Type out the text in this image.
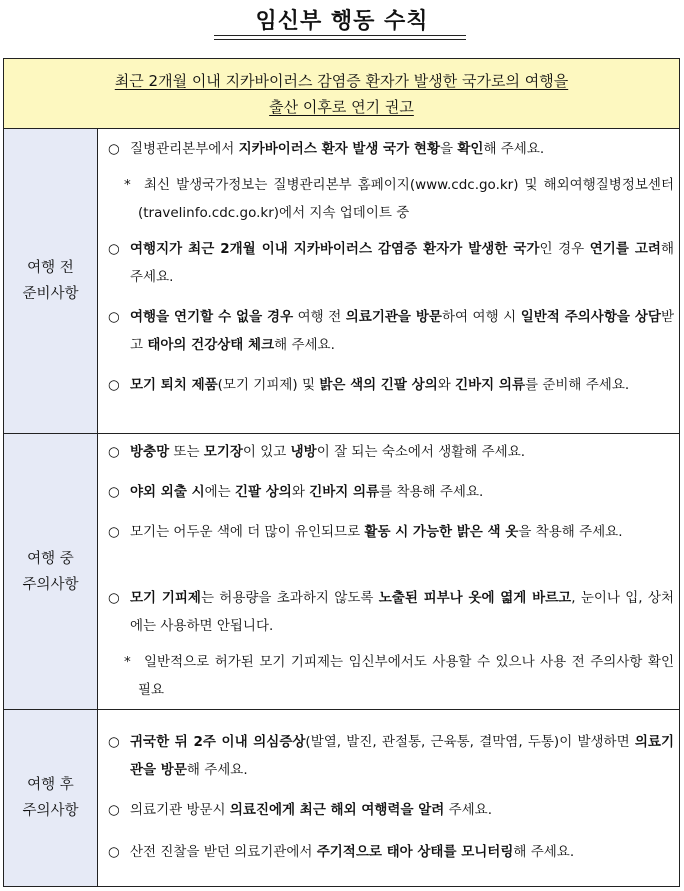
임신부 행동 수칙
최근 2개월 이내 지카바이러스 감염증 환자가 발생한 국가로의 여행을
출산 이후로 연기 권고
여행 전
준비사항
○ 질병관리본부에서 지카바이러스 환자 발생 국가 현황을 확인해 주세요.
* 최신 발생국가정보는 질병관리본부 홈페이지(www.cdc.go.kr) 및 해외여행질병정보센터(travelinfo.cdc.go.kr)에서 지속 업데이트 중
○ 여행지가 최근 2개월 이내 지카바이러스 감염증 환자가 발생한 국가인 경우 연기를 고려해 주세요.
○ 여행을 연기할 수 없을 경우 여행 전 의료기관을 방문하여 여행 시 일반적 주의사항을 상담받고 태아의 건강상태 체크해 주세요.
○ 모기 퇴치 제품(모기 기피제) 및 밝은 색의 긴팔 상의와 긴바지 의류를 준비해 주세요.
여행 중
주의사항
○ 방충망 또는 모기장이 있고 냉방이 잘 되는 숙소에서 생활해 주세요.
○ 야외 외출 시에는 긴팔 상의와 긴바지 의류를 착용해 주세요.
○ 모기는 어두운 색에 더 많이 유인되므로 활동 시 가능한 밝은 색 옷을 착용해 주세요.
○ 모기 기피제는 허용량을 초과하지 않도록 노출된 피부나 옷에 엷게 바르고, 눈이나 입, 상처에는 사용하면 안됩니다.
* 일반적으로 허가된 모기 기피제는 임신부에서도 사용할 수 있으나 사용 전 주의사항 확인 필요
여행 후
주의사항
○ 귀국한 뒤 2주 이내 의심증상(발열, 발진, 관절통, 근육통, 결막염, 두통)이 발생하면 의료기관을 방문해 주세요.
○ 의료기관 방문시 의료진에게 최근 해외 여행력을 알려 주세요.
○ 산전 진찰을 받던 의료기관에서 주기적으로 태아 상태를 모니터링해 주세요.
